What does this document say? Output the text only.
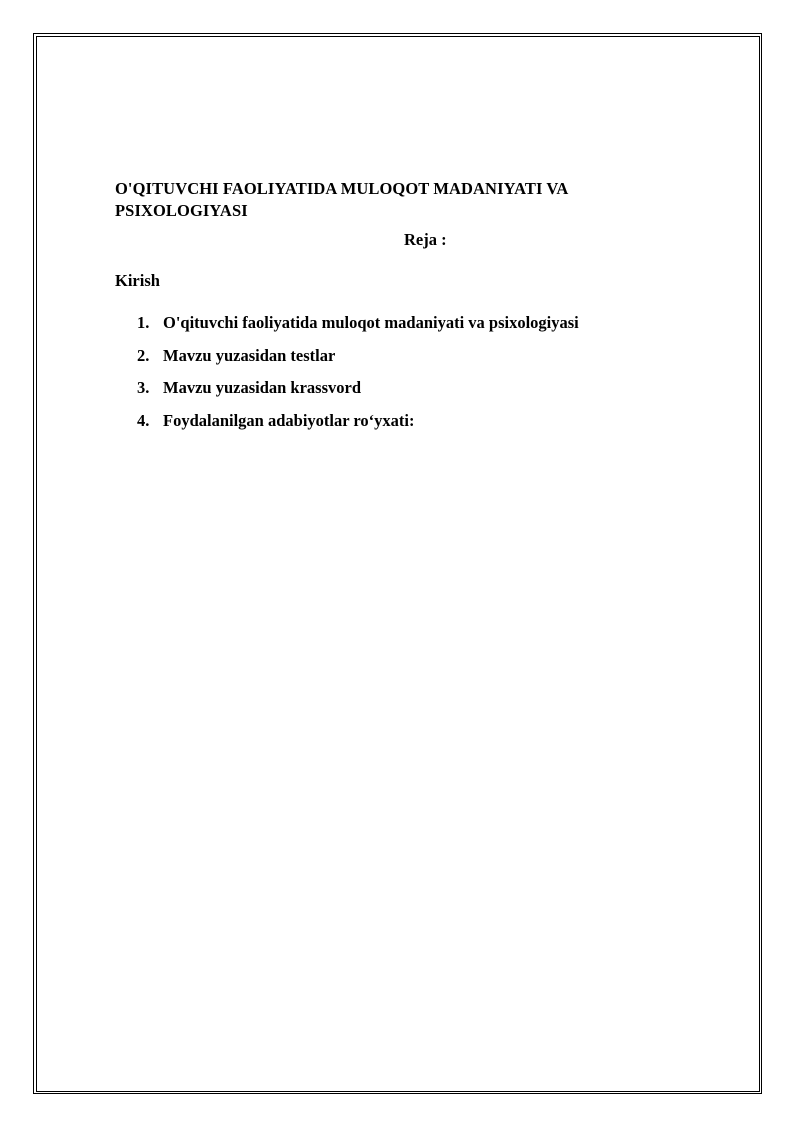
O'QITUVCHI FAOLIYATIDA MULOQOT MADANIYATI VA PSIXOLOGIYASI
Reja :
Kirish
1. O'qituvchi faoliyatida muloqot madaniyati va psixologiyasi
2. Mavzu yuzasidan testlar
3. Mavzu yuzasidan krassvord
4. Foydalanilgan adabiyotlar ro‘yxati:
